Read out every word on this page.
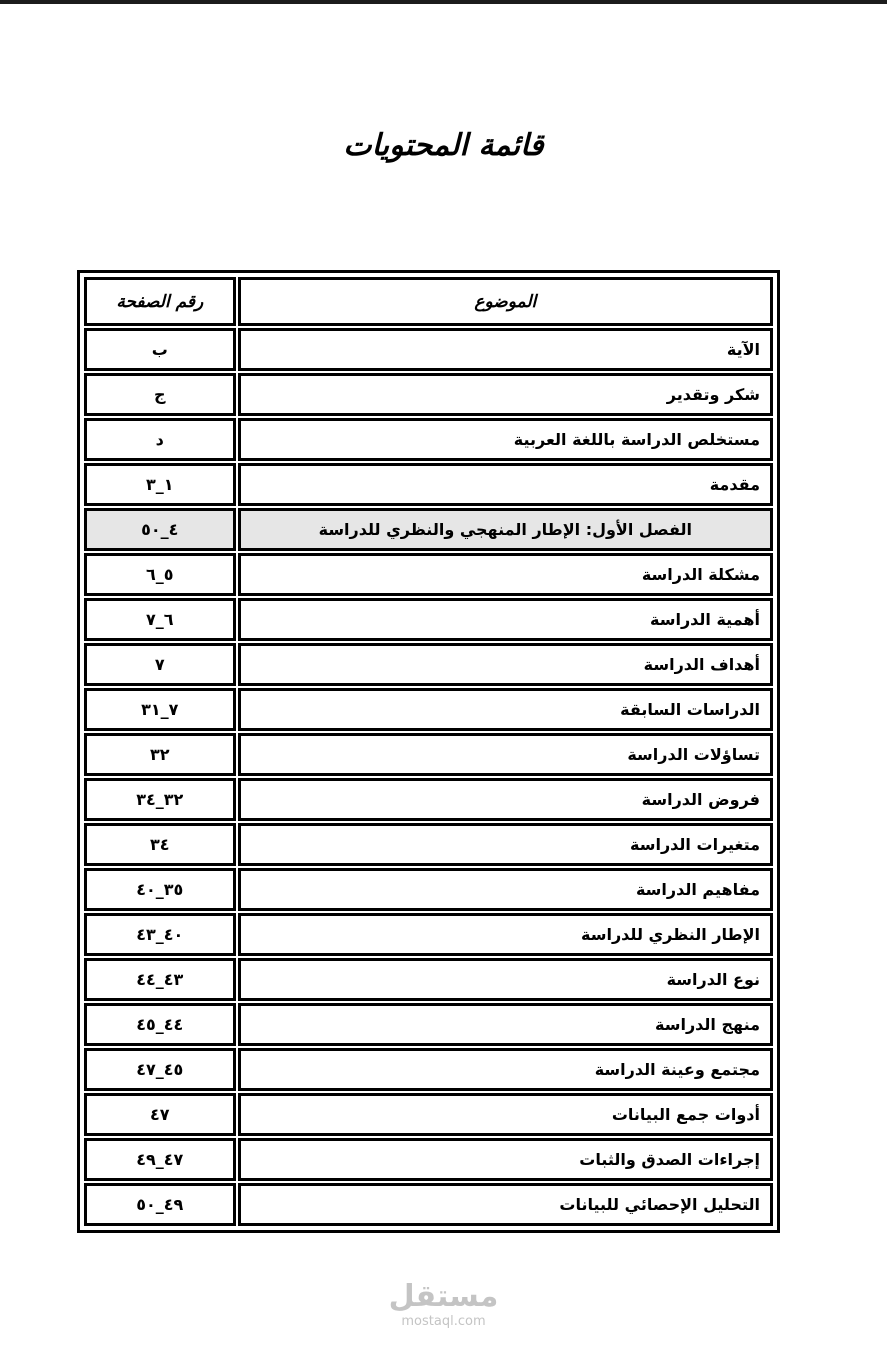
قائمة المحتويات
الموضوع
رقم الصفحة
الآية
ب
شكر وتقدير
ج
مستخلص الدراسة باللغة العربية
د
مقدمة
١_٣
الفصل الأول: الإطار المنهجي والنظري للدراسة
٤_٥٠
مشكلة الدراسة
٥_٦
أهمية الدراسة
٦_٧
أهداف الدراسة
٧
الدراسات السابقة
٧_٣١
تساؤلات الدراسة
٣٢
فروض الدراسة
٣٢_٣٤
متغيرات الدراسة
٣٤
مفاهيم الدراسة
٣٥_٤٠
الإطار النظري للدراسة
٤٠_٤٣
نوع الدراسة
٤٣_٤٤
منهج الدراسة
٤٤_٤٥
مجتمع وعينة الدراسة
٤٥_٤٧
أدوات جمع البيانات
٤٧
إجراءات الصدق والثبات
٤٧_٤٩
التحليل الإحصائي للبيانات
٤٩_٥٠
مستقل
mostaql.com
